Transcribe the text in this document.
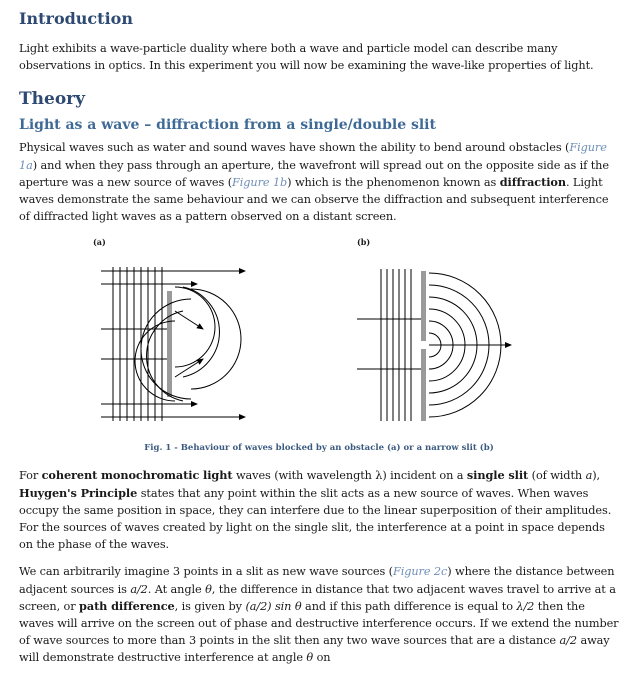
Introduction

Light exhibits a wave-particle duality where both a wave and particle model can describe many observations in optics. In this experiment you will now be examining the wave-like properties of light.

Theory
Light as a wave – diffraction from a single/double slit

Physical waves such as water and sound waves have shown the ability to bend around obstacles (Figure 1a) and when they pass through an aperture, the wavefront will spread out on the opposite side as if the aperture was a new source of waves (Figure 1b) which is the phenomenon known as diffraction. Light waves demonstrate the same behaviour and we can observe the diffraction and subsequent interference of diffracted light waves as a pattern observed on a distant screen.

(a)	(b)
Fig. 1 - Behaviour of waves blocked by an obstacle (a) or a narrow slit (b)

For coherent monochromatic light waves (with wavelength λ) incident on a single slit (of width a), Huygen's Principle states that any point within the slit acts as a new source of waves. When waves occupy the same position in space, they can interfere due to the linear superposition of their amplitudes. For the sources of waves created by light on the single slit, the interference at a point in space depends on the phase of the waves.

We can arbitrarily imagine 3 points in a slit as new wave sources (Figure 2c) where the distance between adjacent sources is a/2. At angle θ, the difference in distance that two adjacent waves travel to arrive at a screen, or path difference, is given by (a/2) sin θ and if this path difference is equal to λ/2 then the waves will arrive on the screen out of phase and destructive interference occurs. If we extend the number of wave sources to more than 3 points in the slit then any two wave sources that are a distance a/2 away will demonstrate destructive interference at angle θ on
